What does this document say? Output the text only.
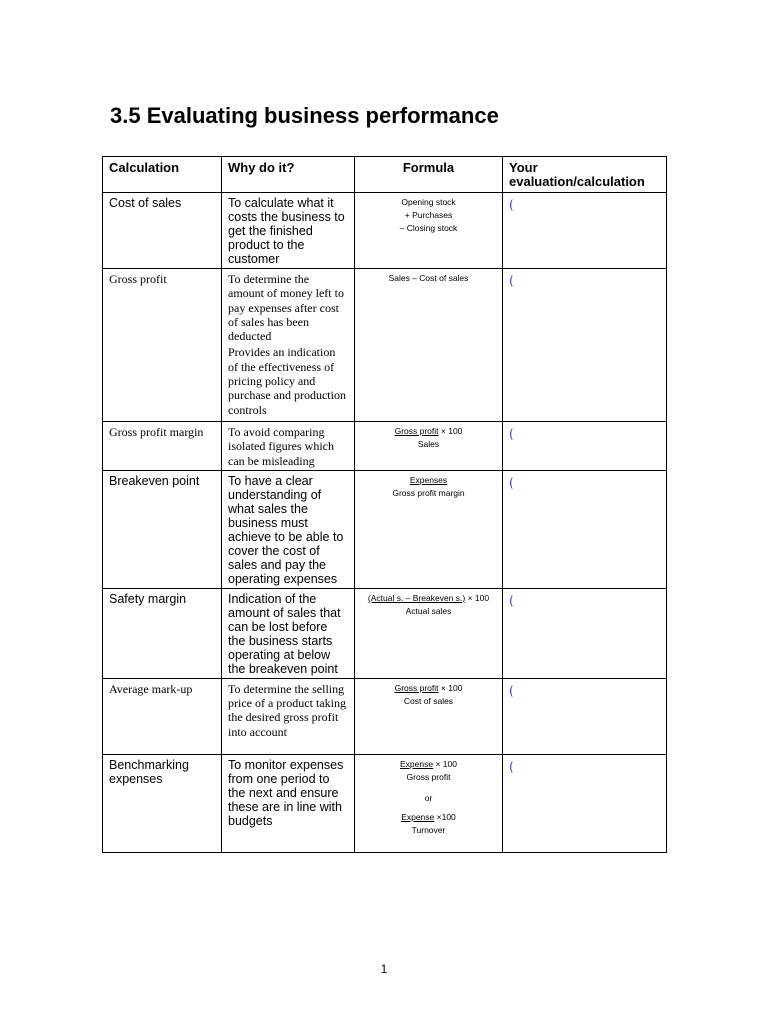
3.5 Evaluating business performance
Calculation	Why do it?	Formula	Your evaluation/calculation
Cost of sales	To calculate what it costs the business to get the finished product to the customer	Opening stock
+ Purchases
– Closing stock	(
Gross profit	To determine the amount of money left to pay expenses after cost of sales has been deducted

Provides an indication of the effectiveness of pricing policy and purchase and production controls	Sales – Cost of sales	(
Gross profit margin	To avoid comparing isolated figures which can be misleading	Gross profit × 100
Sales	(
Breakeven point	To have a clear understanding of what sales the business must achieve to be able to cover the cost of sales and pay the operating expenses	Expenses
Gross profit margin	(
Safety margin	Indication of the amount of sales that can be lost before the business starts operating at below the breakeven point	(Actual s. – Breakeven s.) × 100
Actual sales	(
Average mark-up	To determine the selling price of a product taking the desired gross profit into account	Gross profit × 100
Cost of sales	(
Benchmarking expenses	To monitor expenses from one period to the next and ensure these are in line with budgets	Expense × 100
Gross profit
or
Expense ×100
Turnover	(
1
